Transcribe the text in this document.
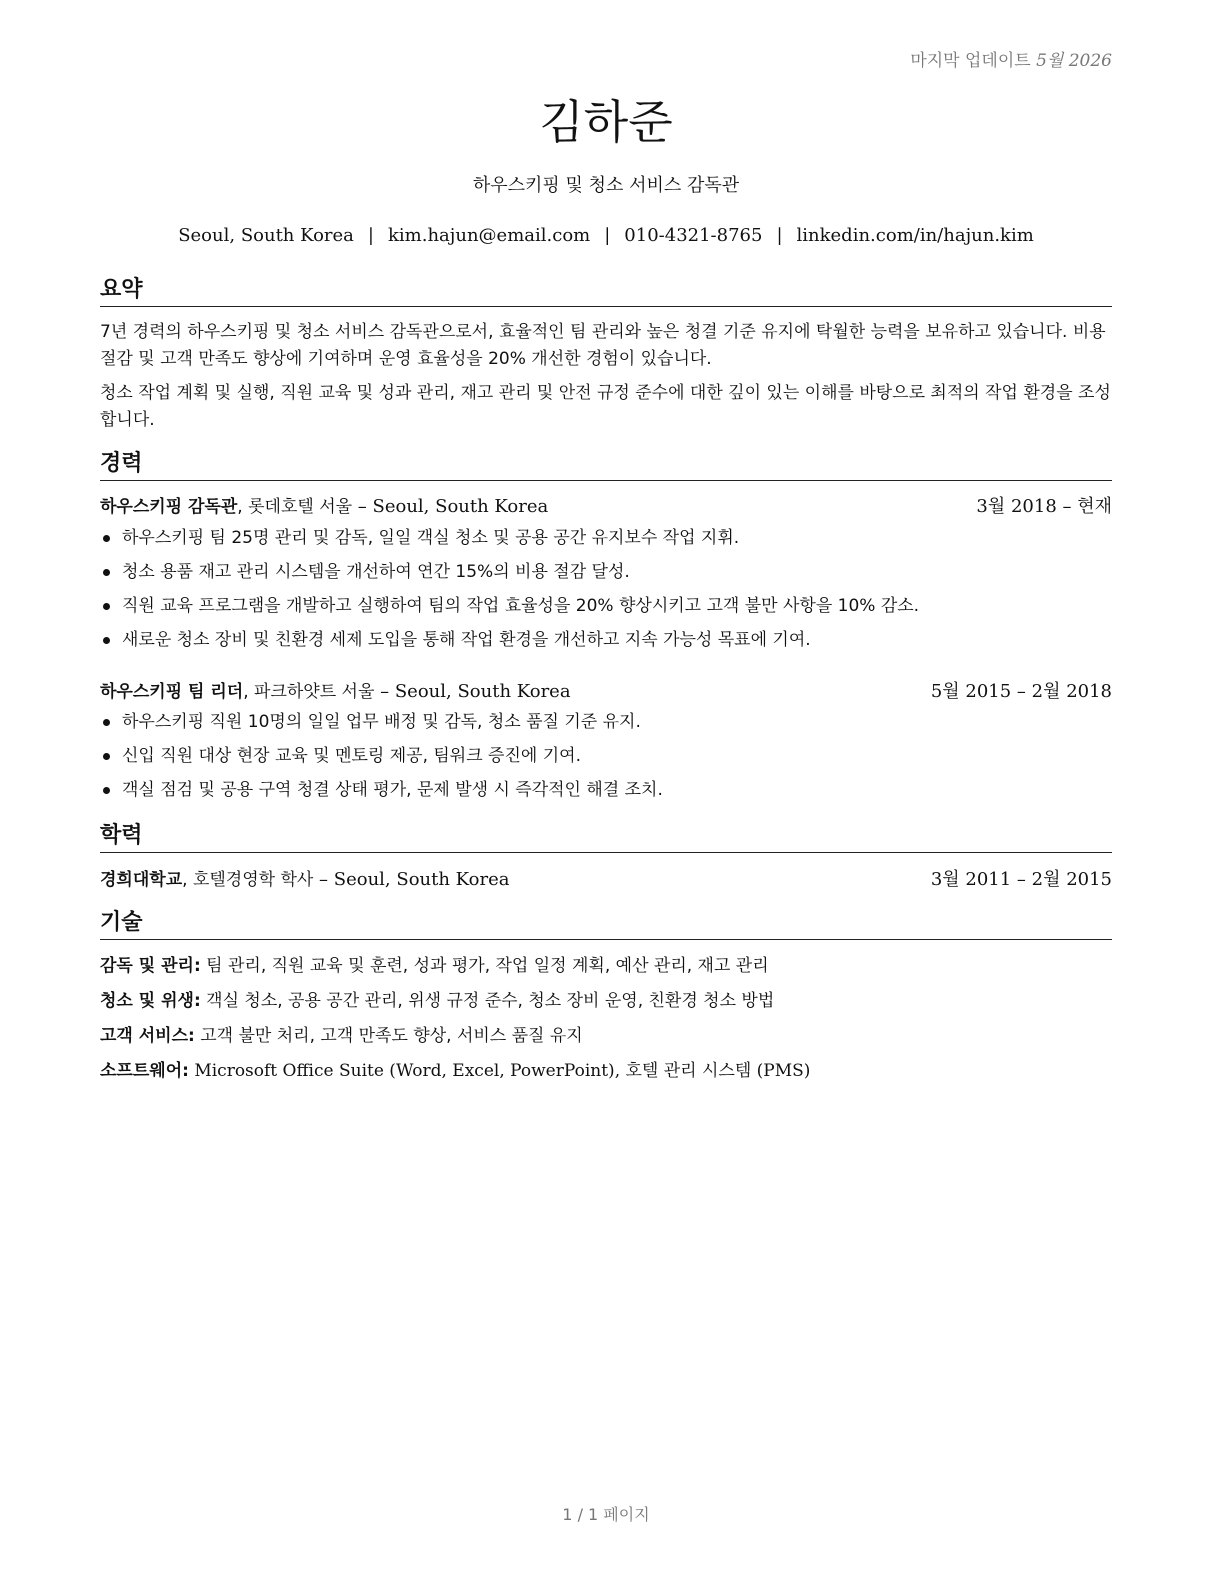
마지막 업데이트 5월 2026
김하준
하우스키핑 및 청소 서비스 감독관
Seoul, South Korea | kim.hajun@email.com | 010-4321-8765 | linkedin.com/in/hajun.kim
요약
7년 경력의 하우스키핑 및 청소 서비스 감독관으로서, 효율적인 팀 관리와 높은 청결 기준 유지에 탁월한 능력을 보유하고 있습니다. 비용 절감 및 고객 만족도 향상에 기여하며 운영 효율성을 20% 개선한 경험이 있습니다.
청소 작업 계획 및 실행, 직원 교육 및 성과 관리, 재고 관리 및 안전 규정 준수에 대한 깊이 있는 이해를 바탕으로 최적의 작업 환경을 조성합니다.
경력
하우스키핑 감독관, 롯데호텔 서울 – Seoul, South Korea	3월 2018 – 현재
하우스키핑 팀 25명 관리 및 감독, 일일 객실 청소 및 공용 공간 유지보수 작업 지휘.
청소 용품 재고 관리 시스템을 개선하여 연간 15%의 비용 절감 달성.
직원 교육 프로그램을 개발하고 실행하여 팀의 작업 효율성을 20% 향상시키고 고객 불만 사항을 10% 감소.
새로운 청소 장비 및 친환경 세제 도입을 통해 작업 환경을 개선하고 지속 가능성 목표에 기여.
하우스키핑 팀 리더, 파크하얏트 서울 – Seoul, South Korea	5월 2015 – 2월 2018
하우스키핑 직원 10명의 일일 업무 배정 및 감독, 청소 품질 기준 유지.
신입 직원 대상 현장 교육 및 멘토링 제공, 팀워크 증진에 기여.
객실 점검 및 공용 구역 청결 상태 평가, 문제 발생 시 즉각적인 해결 조치.
학력
경희대학교, 호텔경영학 학사 – Seoul, South Korea	3월 2011 – 2월 2015
기술
감독 및 관리: 팀 관리, 직원 교육 및 훈련, 성과 평가, 작업 일정 계획, 예산 관리, 재고 관리
청소 및 위생: 객실 청소, 공용 공간 관리, 위생 규정 준수, 청소 장비 운영, 친환경 청소 방법
고객 서비스: 고객 불만 처리, 고객 만족도 향상, 서비스 품질 유지
소프트웨어: Microsoft Office Suite (Word, Excel, PowerPoint), 호텔 관리 시스템 (PMS)
1 / 1 페이지
